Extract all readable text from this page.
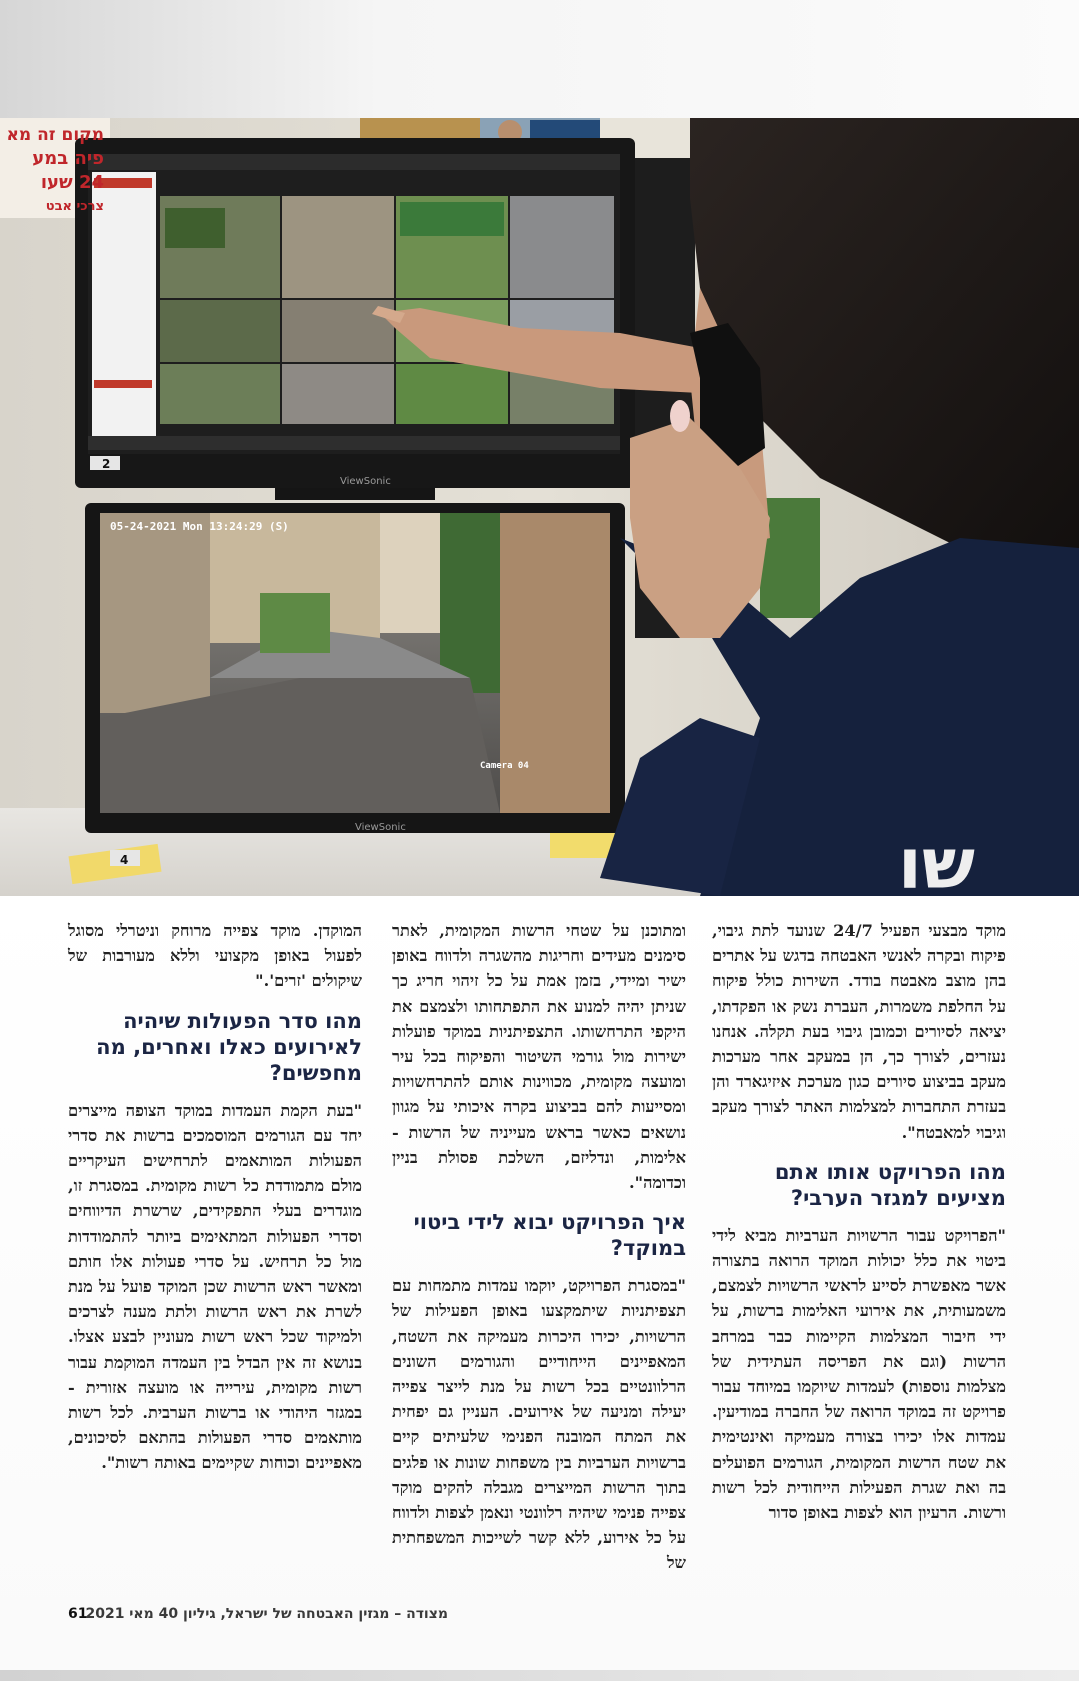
2
ViewSonic
05-24-2021 Mon 13:24:29 (S)
Camera 04
4
ViewSonic	שו
מקום זה מא
פיה במע
24 שעו
צרכי אבט

מוקד מבצעי הפעיל 24/7 שנועד לתת גיבוי, פיקוח ובקרה לאנשי האבטחה בדגש על אתרים בהן מוצב מאבטח בודד. השירות כולל פיקוח על החלפת משמרות, העברת נשק או הפקדתו, יציאה לסיורים וכמובן גיבוי בעת תקלה. אנחנו נעזרים, לצורך כך, הן במעקב אחר מערכות מעקב בביצוע סיורים כגון מערכת איזיגארד והן בעזרת התחברות למצלמות האתר לצורך מעקב וגיבוי למאבטח".

מהו הפרויקט אותו אתם מציעים למגזר הערבי?

"הפרויקט עבור הרשויות הערביות מביא לידי ביטוי את כלל יכולות המוקד הרואה בתצורה אשר מאפשרת לסייע לראשי הרשויות לצמצם, משמעותית, את אירועי האלימות ברשות, על ידי חיבור המצלמות הקיימות כבר במרחב הרשות (וגם את הפריסה העתידית של מצלמות נוספות) לעמדות שיוקמו במיוחד עבור פרויקט זה במוקד הרואה של החברה במודיעין. עמדות אלו יכירו בצורה מעמיקה ואינטימית את שטח הרשות המקומית, הגורמים הפועלים בה ואת שגרת הפעילות הייחודית לכל רשות ורשות. הרעיון הוא לצפות באופן סדור

ומתוכנן על שטחי הרשות המקומית, לאתר סימנים מעידים וחריגות מהשגרה ולדווח באופן ישיר ומיידי, בזמן אמת על כל זיהוי חריג כך שניתן יהיה למנוע את התפתחותו ולצמצם את היקפי התרחשותו. התצפיתניות במוקד פועלות ישירות מול גורמי השיטור והפיקוח בכל עיר ומועצה מקומית, מכווינות אותם להתרחשויות ומסייעות להם בביצוע בקרה איכותי על מגוון נושאים כאשר בראש מעייניה של הרשות - אלימות, ונדליזם, השלכת פסולת בניין וכדומה".

איך הפרויקט יבוא לידי ביטוי במוקד?

"במסגרת הפרויקט, יוקמו עמדות מתמחות עם תצפיתניות שיתמקצעו באופן הפעילות של הרשויות, יכירו היכרות מעמיקה את השטח, המאפיינים הייחודיים והגורמים השונים הרלוונטיים בכל רשות על מנת לייצר צפייה יעילה ומניעה של אירועים. העניין גם יפחית את המתח המובנה הפנימי שלעיתים קיים ברשויות הערביות בין משפחות שונות או פלגים בתוך הרשות המייצרים מגבלה להקים מוקד צפייה פנימי שיהיה רלוונטי ונאמן לצפות ולדווח על כל אירוע, ללא קשר לשייכות המשפחתית של

המוקדן. מוקד צפייה מרוחק וניטרלי מסוגל לפעול באופן מקצועי וללא מעורבות של שיקולים 'זרים'."

מהו סדר הפעולות שיהיה לאירועים כאלו ואחרים, מה מחפשים?

"בעת הקמת העמדות במוקד הצופה מייצרים יחד עם הגורמים המוסמכים ברשות את סדרי הפעולות המותאמים לתרחישים העיקריים מולם מתמודדת כל רשות מקומית. במסגרת זו, מוגדרים בעלי התפקידים, שרשרת הדיווחים וסדרי הפעולות המתאימים ביותר להתמודדות מול כל תרחיש. על סדרי פעולות אלו חותם ומאשר ראש הרשות שכן המוקד פועל על מנת לשרת את ראש הרשות ולתת מענה לצרכים ולמיקוד שכל ראש רשות מעוניין לבצע אצלו. בנושא זה אין הבדל בין העמדה המוקמת עבור רשות מקומית, עירייה או מועצה אזורית - במגזר היהודי או ברשות הערבית. לכל רשות מותאמים סדרי הפעולות בהתאם לסיכונים, מאפיינים וכוחות שקיימים באותה רשות".

61
מצודה – מגזין האבטחה של ישראל, גיליון 40 מאי 2021
